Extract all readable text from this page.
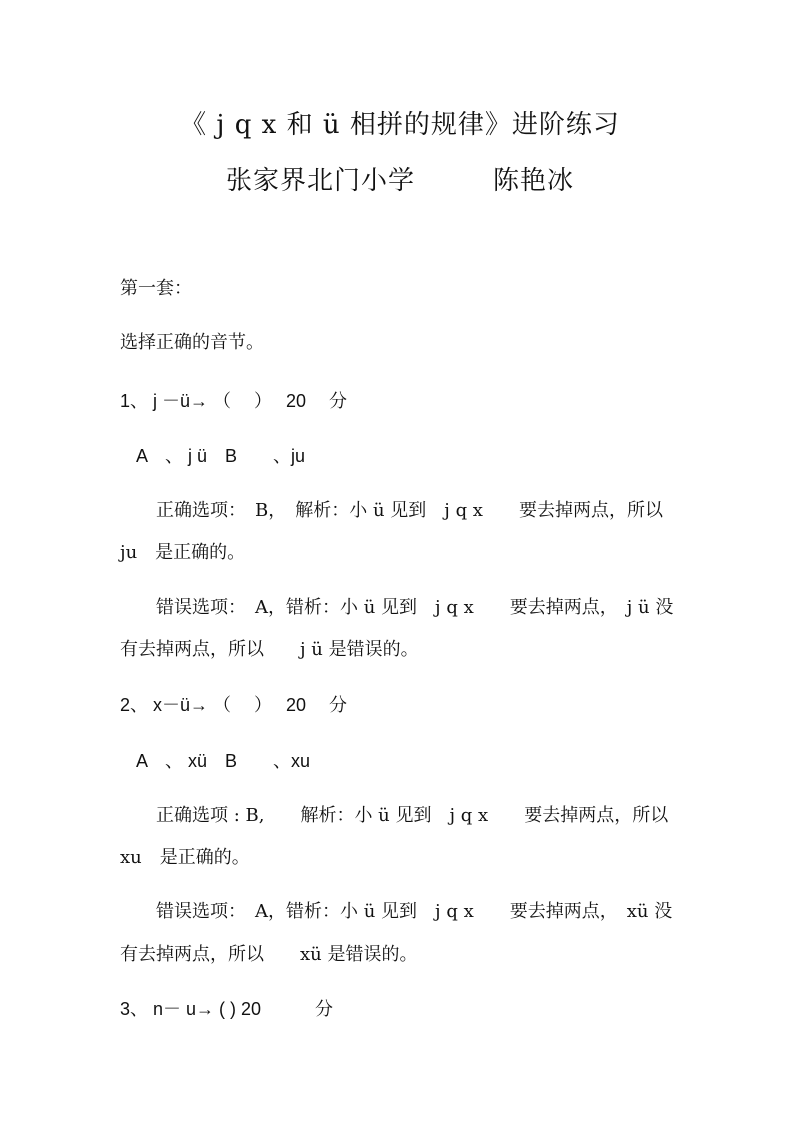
《 j q x 和 ü 相拼的规律》进阶练习
张家界北门小学	陈艳冰
第一套：
选择正确的音节。
1、 j －ü→ （　 ）　 20　 分
A　、 j ü　B　　、ju
正确选项：　B，　解析：小 ü 见到　j q x　　要去掉两点，所以
ju　是正确的。
错误选项：　A，错析：小 ü 见到　j q x　　要去掉两点，　j ü 没
有去掉两点，所以　　j ü 是错误的。
2、 x－ü→ （　 ）　 20　 分
A　、 xü　B　　、xu
正确选项 : B,　　解析：小 ü 见到　j q x　　要去掉两点，所以
xu　是正确的。
错误选项：　A，错析：小 ü 见到　j q x　　要去掉两点，　xü 没
有去掉两点，所以　　xü 是错误的。
3、 n－ u→ ( ) 20　　　分
